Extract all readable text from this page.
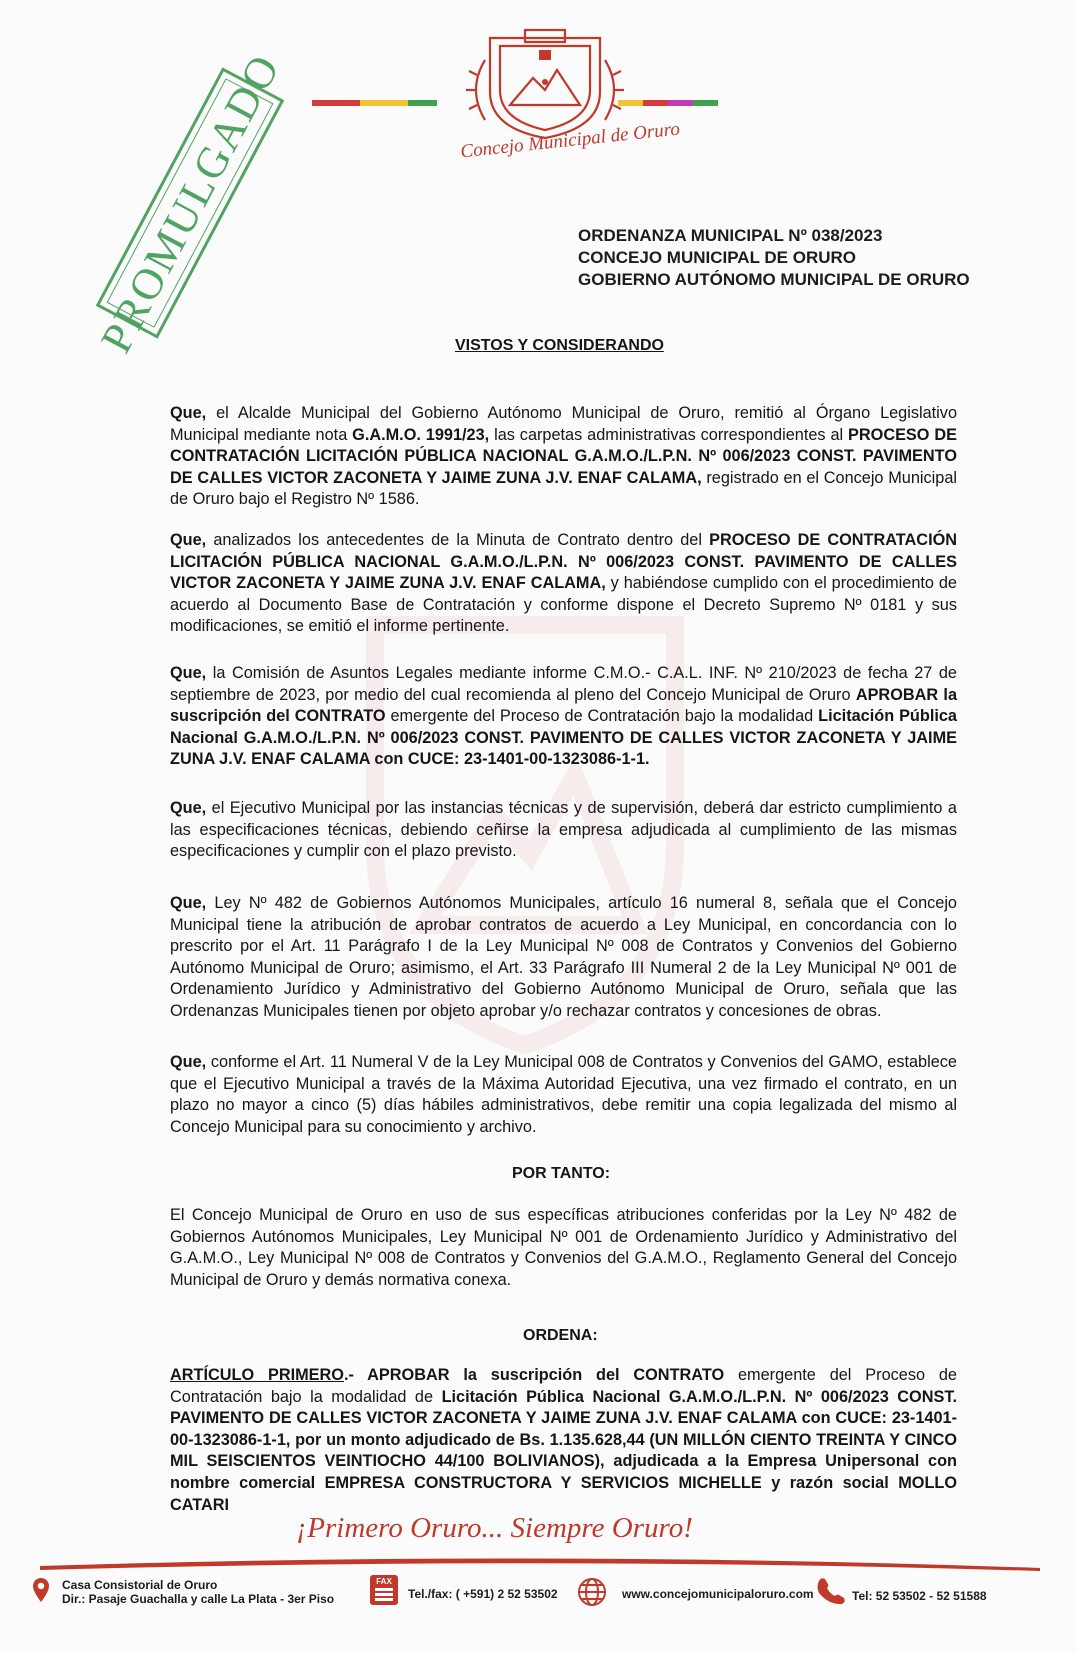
Concejo Municipal de Oruro
PROMULGADO	ORDENANZA MUNICIPAL Nº 038/2023
CONCEJO MUNICIPAL DE ORURO
GOBIERNO AUTÓNOMO MUNICIPAL DE ORURO
VISTOS Y CONSIDERANDO
Que, el Alcalde Municipal del Gobierno Autónomo Municipal de Oruro, remitió al Órgano Legislativo Municipal mediante nota G.A.M.O. 1991/23, las carpetas administrativas correspondientes al PROCESO DE CONTRATACIÓN LICITACIÓN PÚBLICA NACIONAL G.A.M.O./L.P.N. Nº 006/2023 CONST. PAVIMENTO DE CALLES VICTOR ZACONETA Y JAIME ZUNA J.V. ENAF CALAMA, registrado en el Concejo Municipal de Oruro bajo el Registro Nº 1586.
Que, analizados los antecedentes de la Minuta de Contrato dentro del PROCESO DE CONTRATACIÓN LICITACIÓN PÚBLICA NACIONAL G.A.M.O./L.P.N. Nº 006/2023 CONST. PAVIMENTO DE CALLES VICTOR ZACONETA Y JAIME ZUNA J.V. ENAF CALAMA, y habiéndose cumplido con el procedimiento de acuerdo al Documento Base de Contratación y conforme dispone el Decreto Supremo Nº 0181 y sus modificaciones, se emitió el informe pertinente.
Que, la Comisión de Asuntos Legales mediante informe C.M.O.- C.A.L. INF. Nº 210/2023 de fecha 27 de septiembre de 2023, por medio del cual recomienda al pleno del Concejo Municipal de Oruro APROBAR la suscripción del CONTRATO emergente del Proceso de Contratación bajo la modalidad Licitación Pública Nacional G.A.M.O./L.P.N. Nº 006/2023 CONST. PAVIMENTO DE CALLES VICTOR ZACONETA Y JAIME ZUNA J.V. ENAF CALAMA con CUCE: 23-1401-00-1323086-1-1.
Que, el Ejecutivo Municipal por las instancias técnicas y de supervisión, deberá dar estricto cumplimiento a las especificaciones técnicas, debiendo ceñirse la empresa adjudicada al cumplimiento de las mismas especificaciones y cumplir con el plazo previsto.
Que, Ley Nº 482 de Gobiernos Autónomos Municipales, artículo 16 numeral 8, señala que el Concejo Municipal tiene la atribución de aprobar contratos de acuerdo a Ley Municipal, en concordancia con lo prescrito por el Art. 11 Parágrafo I de la Ley Municipal Nº 008 de Contratos y Convenios del Gobierno Autónomo Municipal de Oruro; asimismo, el Art. 33 Parágrafo III Numeral 2 de la Ley Municipal Nº 001 de Ordenamiento Jurídico y Administrativo del Gobierno Autónomo Municipal de Oruro, señala que las Ordenanzas Municipales tienen por objeto aprobar y/o rechazar contratos y concesiones de obras.
Que, conforme el Art. 11 Numeral V de la Ley Municipal 008 de Contratos y Convenios del GAMO, establece que el Ejecutivo Municipal a través de la Máxima Autoridad Ejecutiva, una vez firmado el contrato, en un plazo no mayor a cinco (5) días hábiles administrativos, debe remitir una copia legalizada del mismo al Concejo Municipal para su conocimiento y archivo.
POR TANTO:
El Concejo Municipal de Oruro en uso de sus específicas atribuciones conferidas por la Ley Nº 482 de Gobiernos Autónomos Municipales, Ley Municipal Nº 001 de Ordenamiento Jurídico y Administrativo del G.A.M.O., Ley Municipal Nº 008 de Contratos y Convenios del G.A.M.O., Reglamento General del Concejo Municipal de Oruro y demás normativa conexa.
ORDENA:
ARTÍCULO PRIMERO.- APROBAR la suscripción del CONTRATO emergente del Proceso de Contratación bajo la modalidad de Licitación Pública Nacional G.A.M.O./L.P.N. Nº 006/2023 CONST. PAVIMENTO DE CALLES VICTOR ZACONETA Y JAIME ZUNA J.V. ENAF CALAMA con CUCE: 23-1401-00-1323086-1-1, por un monto adjudicado de Bs. 1.135.628,44 (UN MILLÓN CIENTO TREINTA Y CINCO MIL SEISCIENTOS VEINTIOCHO 44/100 BOLIVIANOS), adjudicada a la Empresa Unipersonal con nombre comercial EMPRESA CONSTRUCTORA Y SERVICIOS MICHELLE y razón social MOLLO CATARI
¡Primero Oruro... Siempre Oruro!
Casa Consistorial de Oruro
Dir.: Pasaje Guachalla y calle La Plata - 3er Piso
FAX
Tel./fax: ( +591) 2 52 53502	www.concejomunicipaloruro.com	Tel: 52 53502 - 52 51588
